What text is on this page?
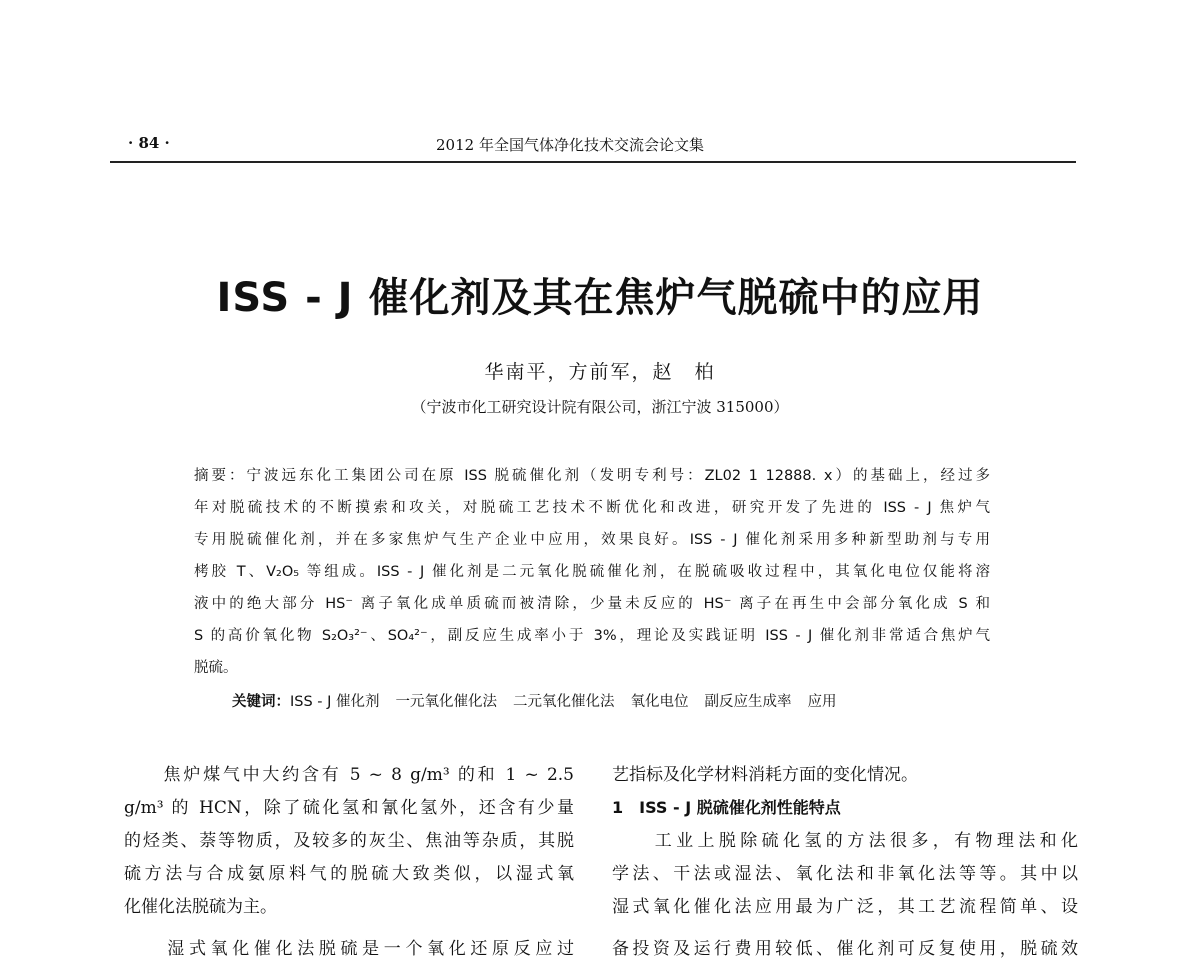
· 84 ·	2012 年全国气体净化技术交流会论文集
ISS - J 催化剂及其在焦炉气脱硫中的应用
华南平，方前军，赵　柏
（宁波市化工研究设计院有限公司，浙江宁波 315000）
摘要：宁波远东化工集团公司在原 ISS 脱硫催化剂（发明专利号：ZL02 1 12888. x）的基础上，经过多
年对脱硫技术的不断摸索和攻关，对脱硫工艺技术不断优化和改进，研究开发了先进的 ISS - J 焦炉气
专用脱硫催化剂，并在多家焦炉气生产企业中应用，效果良好。ISS - J 催化剂采用多种新型助剂与专用
栲胶 T、V₂O₅ 等组成。ISS - J 催化剂是二元氧化脱硫催化剂，在脱硫吸收过程中，其氧化电位仅能将溶
液中的绝大部分 HS⁻ 离子氧化成单质硫而被清除，少量未反应的 HS⁻ 离子在再生中会部分氧化成 S 和
S 的高价氧化物 S₂O₃²⁻、SO₄²⁻，副反应生成率小于 3%，理论及实践证明 ISS - J 催化剂非常适合焦炉气
脱硫。
关键词：ISS - J 催化剂 一元氧化催化法 二元氧化催化法 氧化电位 副反应生成率 应用
　　焦炉煤气中大约含有 5 ~ 8 g/m³ 的和 1 ~ 2.5
g/m³ 的 HCN，除了硫化氢和氰化氢外，还含有少量
的烃类、萘等物质，及较多的灰尘、焦油等杂质，其脱
硫方法与合成氨原料气的脱硫大致类似，以湿式氧
化催化法脱硫为主。
　　湿式氧化催化法脱硫是一个氧化还原反应过
艺指标及化学材料消耗方面的变化情况。
1　ISS - J 脱硫催化剂性能特点
　　工业上脱除硫化氢的方法很多，有物理法和化
学法、干法或湿法、氧化法和非氧化法等等。其中以
湿式氧化催化法应用最为广泛，其工艺流程简单、设
备投资及运行费用较低、催化剂可反复使用，脱硫效
